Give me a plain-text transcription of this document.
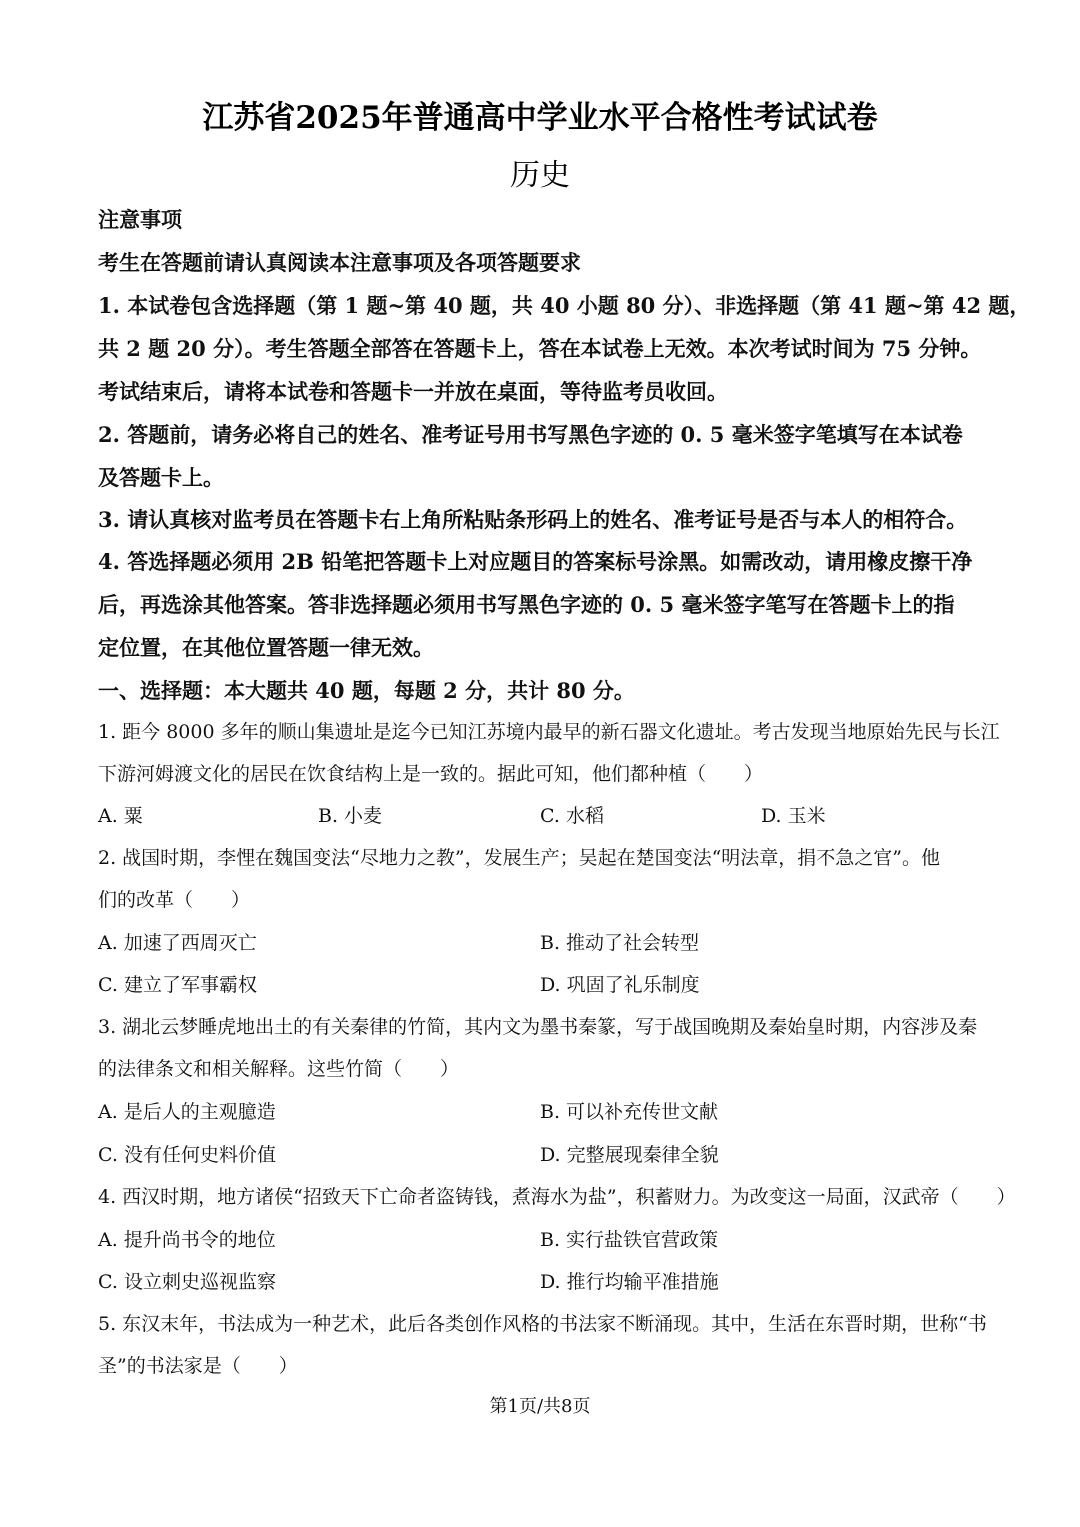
江苏省2025年普通高中学业水平合格性考试试卷
历史
注意事项
考生在答题前请认真阅读本注意事项及各项答题要求
1. 本试卷包含选择题（第 1 题~第 40 题，共 40 小题 80 分）、非选择题（第 41 题~第 42 题，
共 2 题 20 分）。考生答题全部答在答题卡上，答在本试卷上无效。本次考试时间为 75 分钟。
考试结束后，请将本试卷和答题卡一并放在桌面，等待监考员收回。
2. 答题前，请务必将自己的姓名、准考证号用书写黑色字迹的 0. 5 毫米签字笔填写在本试卷
及答题卡上。
3. 请认真核对监考员在答题卡右上角所粘贴条形码上的姓名、准考证号是否与本人的相符合。
4. 答选择题必须用 2B 铅笔把答题卡上对应题目的答案标号涂黑。如需改动，请用橡皮擦干净
后，再选涂其他答案。答非选择题必须用书写黑色字迹的 0. 5 毫米签字笔写在答题卡上的指
定位置，在其他位置答题一律无效。
一、选择题：本大题共 40 题，每题 2 分，共计 80 分。
1. 距今 8000 多年的顺山集遗址是迄今已知江苏境内最早的新石器文化遗址。考古发现当地原始先民与长江
下游河姆渡文化的居民在饮食结构上是一致的。据此可知，他们都种植（　　）
A. 粟	B. 小麦	C. 水稻	D. 玉米
2. 战国时期，李悝在魏国变法“尽地力之教”，发展生产；吴起在楚国变法“明法章，捐不急之官”。他
们的改革（　　）
A. 加速了西周灭亡	B. 推动了社会转型
C. 建立了军事霸权	D. 巩固了礼乐制度
3. 湖北云梦睡虎地出土的有关秦律的竹简，其内文为墨书秦篆，写于战国晚期及秦始皇时期，内容涉及秦
的法律条文和相关解释。这些竹简（　　）
A. 是后人的主观臆造	B. 可以补充传世文献
C. 没有任何史料价值	D. 完整展现秦律全貌
4. 西汉时期，地方诸侯“招致天下亡命者盗铸钱，煮海水为盐”，积蓄财力。为改变这一局面，汉武帝（　　）
A. 提升尚书令的地位	B. 实行盐铁官营政策
C. 设立刺史巡视监察	D. 推行均输平准措施
5. 东汉末年，书法成为一种艺术，此后各类创作风格的书法家不断涌现。其中，生活在东晋时期，世称“书
圣”的书法家是（　　）
第1页/共8页
